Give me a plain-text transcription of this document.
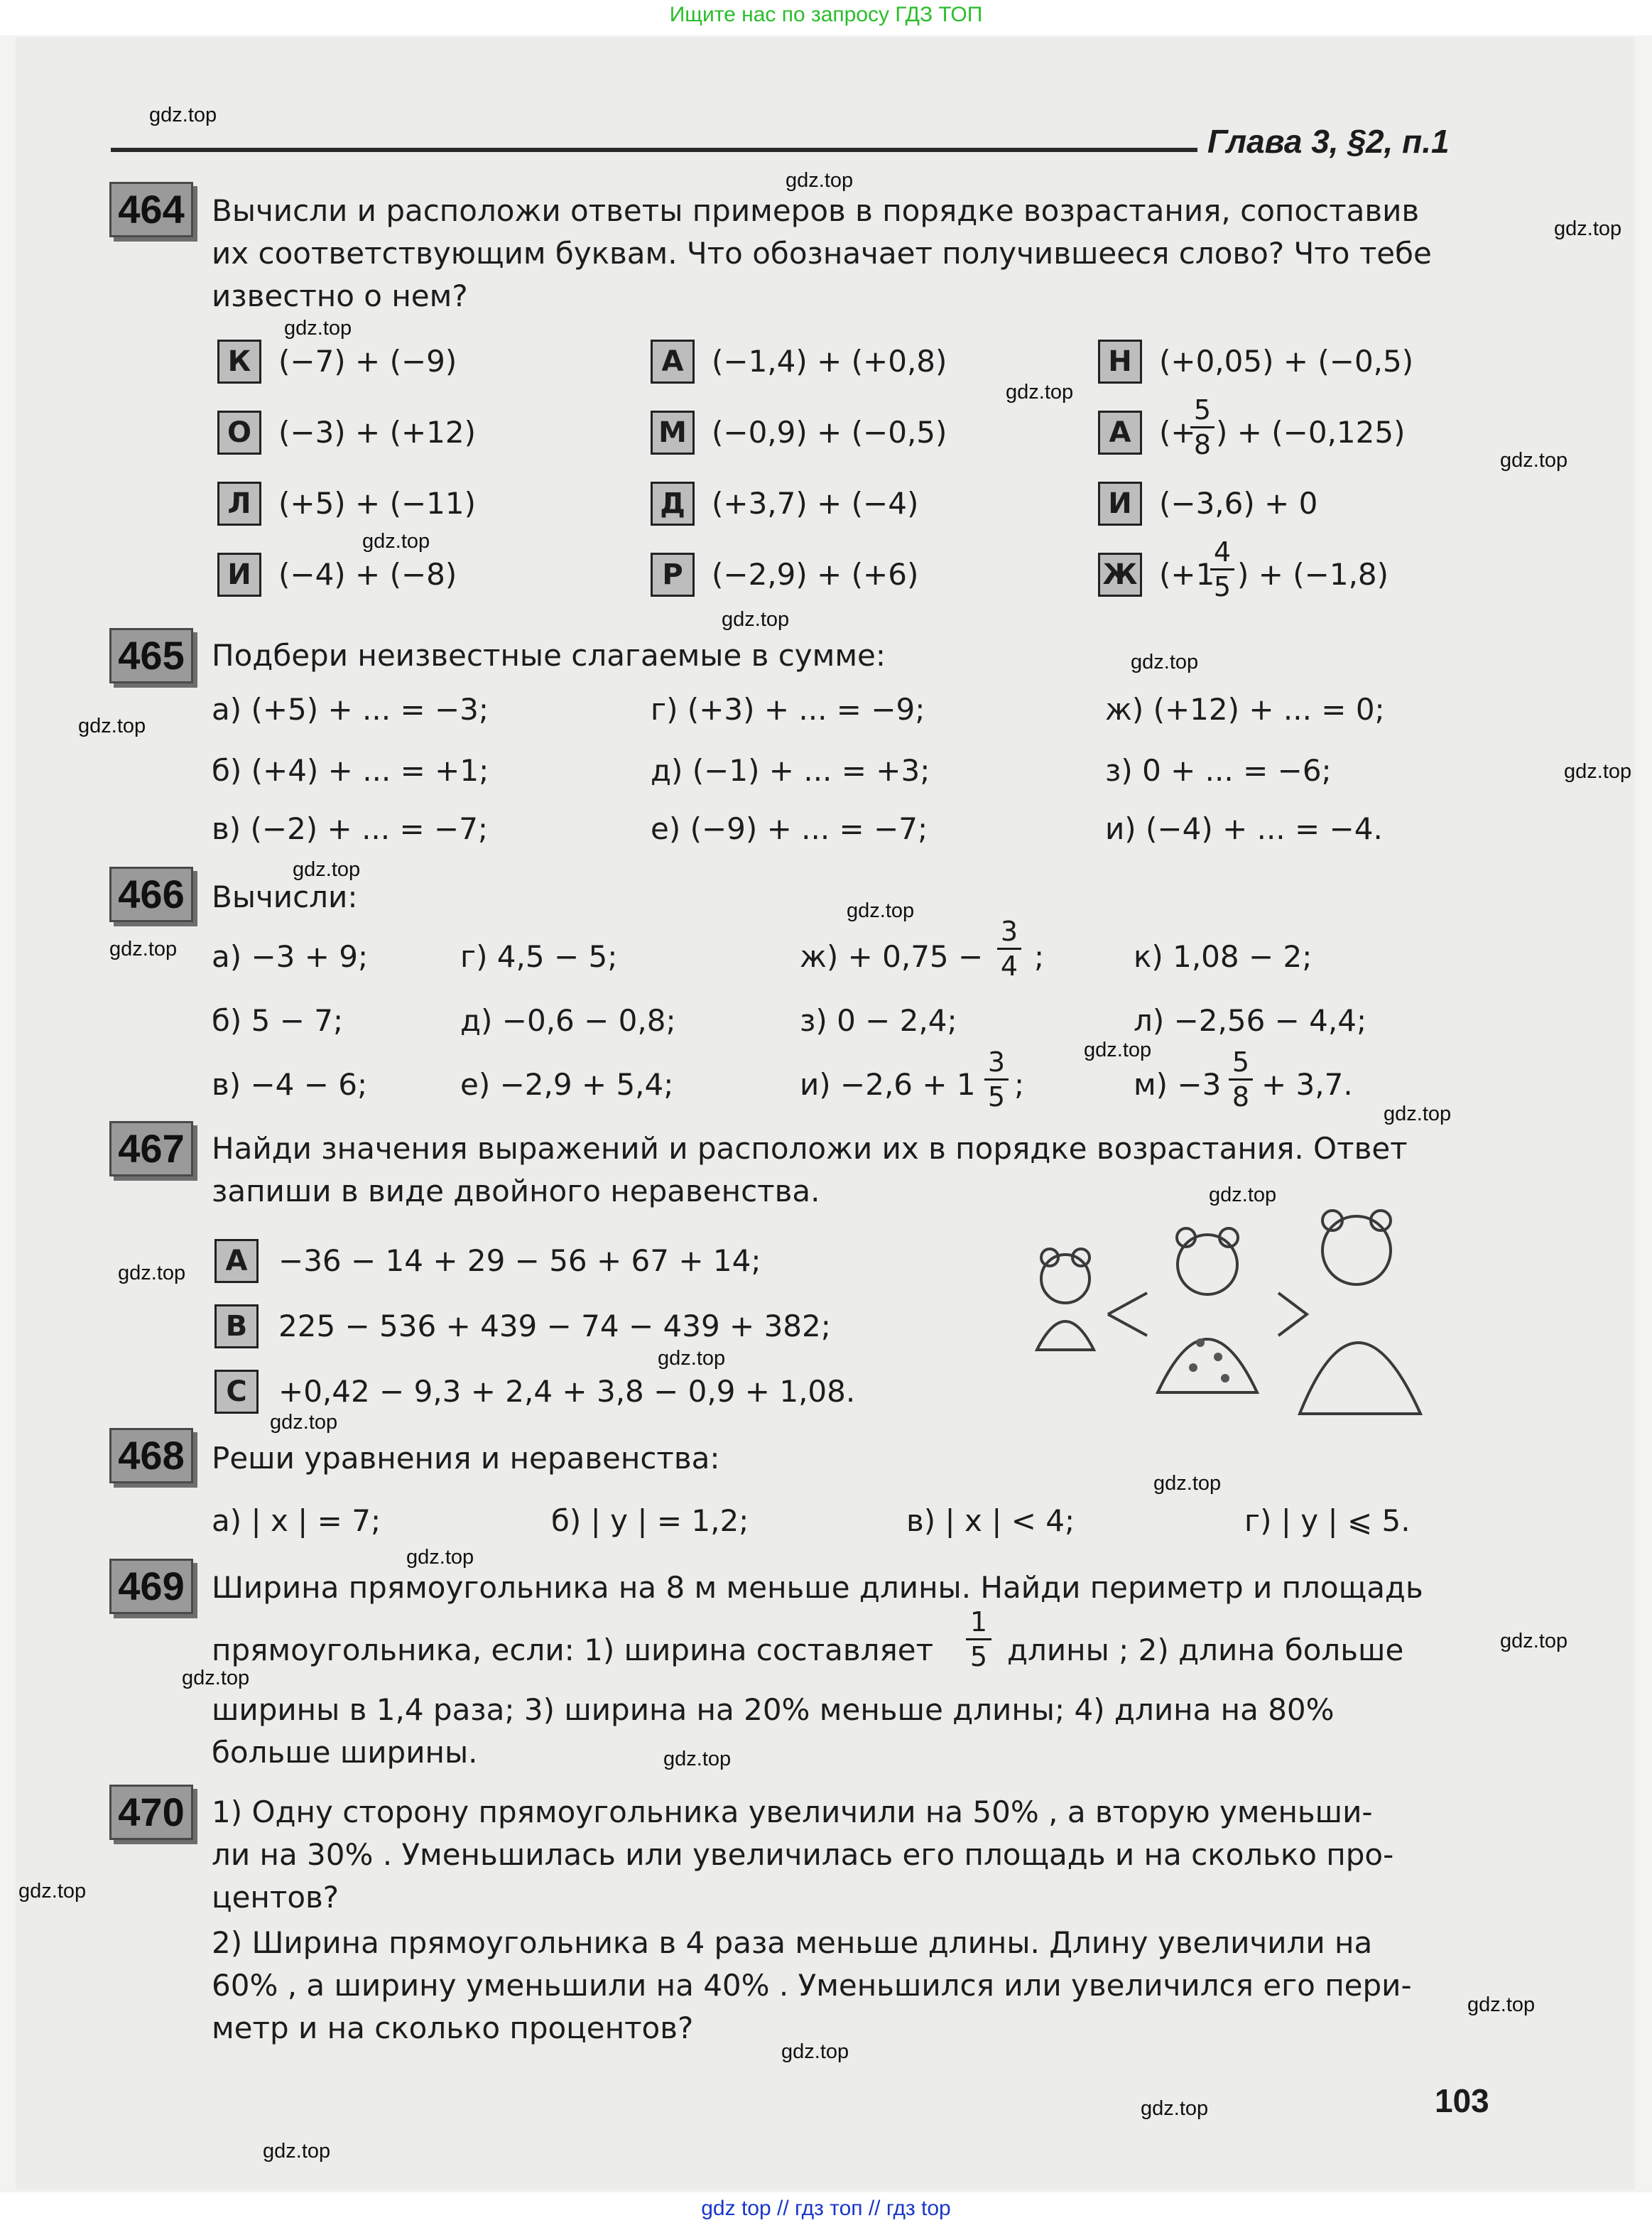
Ищите нас по запросу ГДЗ ТОП
Глава 3, §2, п.1
gdz.top
gdz.top
gdz.top
gdz.top
gdz.top
gdz.top
gdz.top
gdz.top
gdz.top
gdz.top
gdz.top
gdz.top
gdz.top
gdz.top
gdz.top
gdz.top
gdz.top
gdz.top
gdz.top
gdz.top
gdz.top
gdz.top
gdz.top
gdz.top
gdz.top
gdz.top
gdz.top
gdz.top
gdz.top
gdz.top
464 Вычисли и расположи ответы примеров в порядке возрастания, сопоставив
их соответствующим буквам. Что обозначает получившееся слово? Что тебе
известно о нем?
К (−7) + (−9)	А (−1,4) + (+0,8)	Н (+0,05) + (−0,5)
О (−3) + (+12)	М (−0,9) + (−0,5)	А (+
5
8 ) + (−0,125)
Л (+5) + (−11)	Д (+3,7) + (−4)	И (−3,6) + 0
И (−4) + (−8)	Р (−2,9) + (+6)	Ж (+1
4
5 ) + (−1,8)
465 Подбери неизвестные слагаемые в сумме:
а) (+5) + ... = −3;	г) (+3) + ... = −9;	ж) (+12) + ... = 0;
б) (+4) + ... = +1;	д) (−1) + ... = +3;	з) 0 + ... = −6;
в) (−2) + ... = −7;	е) (−9) + ... = −7;	и) (−4) + ... = −4.
466 Вычисли:
а) −3 + 9;	г) 4,5 − 5;	ж) + 0,75 −
3
4 ;	к) 1,08 − 2;
б) 5 − 7;	д) −0,6 − 0,8;	з) 0 − 2,4;	л) −2,56 − 4,4;
в) −4 − 6;	е) −2,9 + 5,4;	и) −2,6 + 1
3
5 ;	м) −3
5
8 + 3,7.
467 Найди значения выражений и расположи их в порядке возрастания. Ответ
запиши в виде двойного неравенства.
A	−36 − 14 + 29 − 56 + 67 + 14;
B	225 − 536 + 439 − 74 − 439 + 382;
C	+0,42 − 9,3 + 2,4 + 3,8 − 0,9 + 1,08.
468 Реши уравнения и неравенства:
а) | x | = 7;	б) | y | = 1,2;	в) | x | < 4;	г) | y | ⩽ 5.
469 Ширина прямоугольника на 8 м меньше длины. Найди периметр и площадь
прямоугольника, если: 1) ширина составляет
1
5 длины ; 2) длина больше
ширины в 1,4 раза; 3) ширина на 20% меньше длины; 4) длина на 80%
больше ширины.
470 1) Одну сторону прямоугольника увеличили на 50% , а вторую уменьши-
ли на 30% . Уменьшилась или увеличилась его площадь и на сколько про-
центов?
2) Ширина прямоугольника в 4 раза меньше длины. Длину увеличили на
60% , а ширину уменьшили на 40% . Уменьшился или увеличился его пери-
метр и на сколько процентов?
103
gdz top // гдз топ // гдз top
